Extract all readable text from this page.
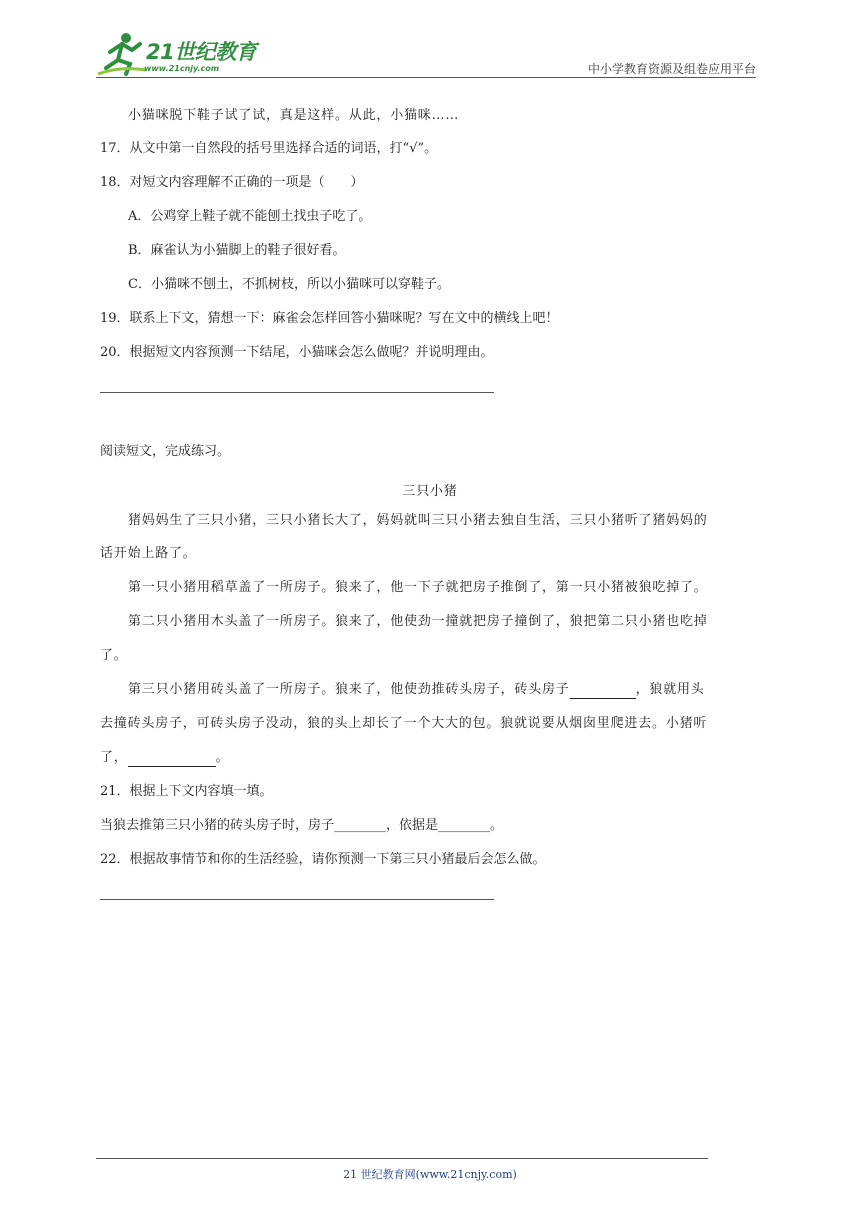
21世纪教育
www.21cnjy.com	中小学教育资源及组卷应用平台
小猫咪脱下鞋子试了试，真是这样。从此，小猫咪……
17．从文中第一自然段的括号里选择合适的词语，打“√”。
18．对短文内容理解不正确的一项是（　　）
A．公鸡穿上鞋子就不能刨土找虫子吃了。
B．麻雀认为小猫脚上的鞋子很好看。
C．小猫咪不刨土，不抓树枝，所以小猫咪可以穿鞋子。
19．联系上下文，猜想一下：麻雀会怎样回答小猫咪呢？写在文中的横线上吧！
20．根据短文内容预测一下结尾，小猫咪会怎么做呢？并说明理由。
阅读短文，完成练习。
三只小猪
猪妈妈生了三只小猪，三只小猪长大了，妈妈就叫三只小猪去独自生活，三只小猪听了猪妈妈的
话开始上路了。
第一只小猪用稻草盖了一所房子。狼来了，他一下子就把房子推倒了，第一只小猪被狼吃掉了。
第二只小猪用木头盖了一所房子。狼来了，他使劲一撞就把房子撞倒了，狼把第二只小猪也吃掉
了。
第三只小猪用砖头盖了一所房子。狼来了，他使劲推砖头房子，砖头房子	，狼就用头
去撞砖头房子，可砖头房子没动，狼的头上却长了一个大大的包。狼就说要从烟囱里爬进去。小猪听
了，	。
21．根据上下文内容填一填。
当狼去推第三只小猪的砖头房子时，房子________，依据是________。
22．根据故事情节和你的生活经验，请你预测一下第三只小猪最后会怎么做。
21 世纪教育网(www.21cnjy.com)
